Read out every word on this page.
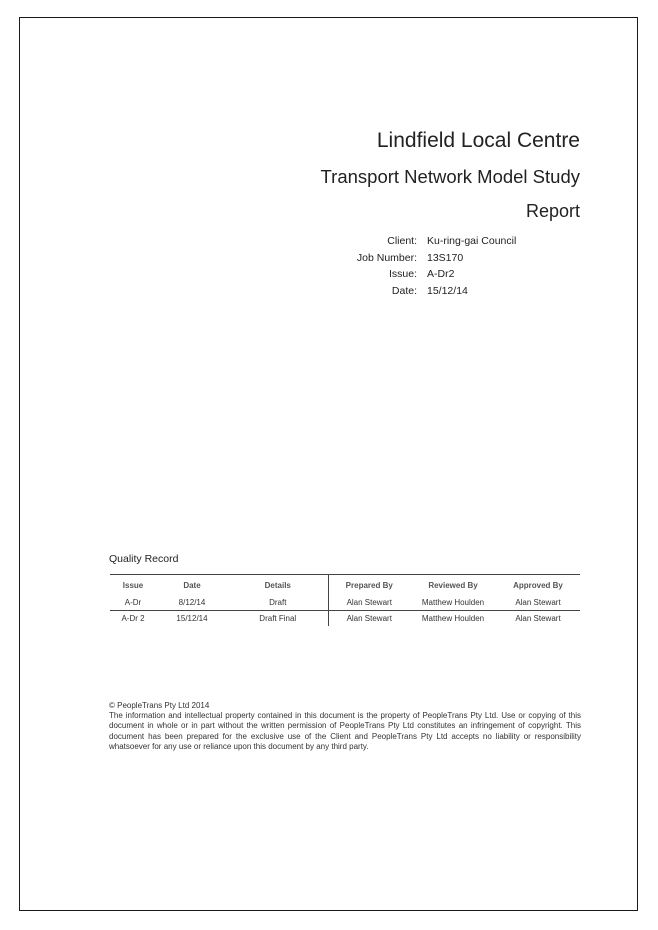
Lindfield Local Centre
Transport Network Model Study
Report
Client:	Ku-ring-gai Council
Job Number:	13S170
Issue:	A-Dr2
Date:	15/12/14
Quality Record
Issue	Date	Details	Prepared By	Reviewed By	Approved By
A-Dr	8/12/14	Draft	Alan Stewart	Matthew Houlden	Alan Stewart
A-Dr 2	15/12/14	Draft Final	Alan Stewart	Matthew Houlden	Alan Stewart

© PeopleTrans Pty Ltd 2014

The information and intellectual property contained in this document is the property of PeopleTrans Pty Ltd. Use or copying of this document in whole or in part without the written permission of PeopleTrans Pty Ltd constitutes an infringement of copyright. This document has been prepared for the exclusive use of the Client and PeopleTrans Pty Ltd accepts no liability or responsibility whatsoever for any use or reliance upon this document by any third party.
